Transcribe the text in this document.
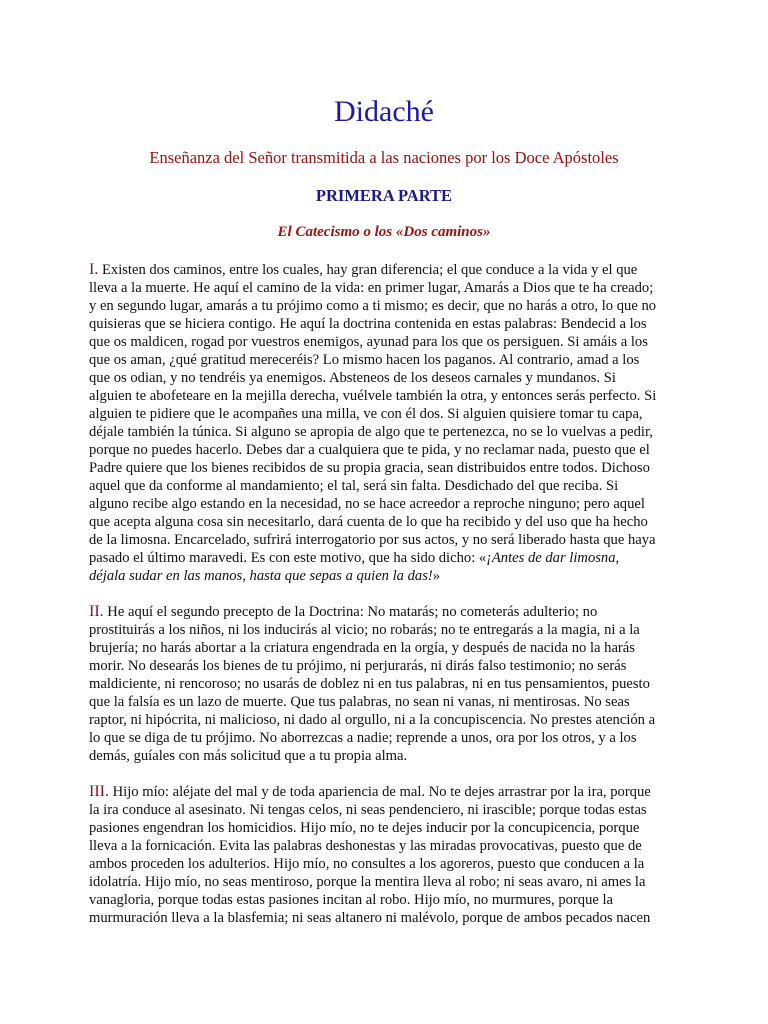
Didaché
Enseñanza del Señor transmitida a las naciones por los Doce Apóstoles
PRIMERA PARTE
El Catecismo o los «Dos caminos»
I. Existen dos caminos, entre los cuales, hay gran diferencia; el que conduce a la vida y el que
lleva a la muerte. He aquí el camino de la vida: en primer lugar, Amarás a Dios que te ha creado;
y en segundo lugar, amarás a tu prójimo como a ti mismo; es decir, que no harás a otro, lo que no
quisieras que se hiciera contigo. He aquí la doctrina contenida en estas palabras: Bendecid a los
que os maldicen, rogad por vuestros enemigos, ayunad para los que os persiguen. Si amáis a los
que os aman, ¿qué gratitud mereceréis? Lo mismo hacen los paganos. Al contrario, amad a los
que os odian, y no tendréis ya enemigos. Absteneos de los deseos carnales y mundanos. Si
alguien te abofeteare en la mejilla derecha, vuélvele también la otra, y entonces serás perfecto. Si
alguien te pidiere que le acompañes una milla, ve con él dos. Si alguien quisiere tomar tu capa,
déjale también la túnica. Si alguno se apropia de algo que te pertenezca, no se lo vuelvas a pedir,
porque no puedes hacerlo. Debes dar a cualquiera que te pida, y no reclamar nada, puesto que el
Padre quiere que los bienes recibidos de su propia gracia, sean distribuidos entre todos. Dichoso
aquel que da conforme al mandamiento; el tal, será sin falta. Desdichado del que reciba. Si
alguno recibe algo estando en la necesidad, no se hace acreedor a reproche ninguno; pero aquel
que acepta alguna cosa sin necesitarlo, dará cuenta de lo que ha recibido y del uso que ha hecho
de la limosna. Encarcelado, sufrirá interrogatorio por sus actos, y no será liberado hasta que haya
pasado el último maravedi. Es con este motivo, que ha sido dicho: «¡Antes de dar limosna,
déjala sudar en las manos, hasta que sepas a quien la das!»
II. He aquí el segundo precepto de la Doctrina: No matarás; no cometerás adulterio; no
prostituirás a los niños, ni los inducirás al vicio; no robarás; no te entregarás a la magia, ni a la
brujería; no harás abortar a la criatura engendrada en la orgía, y después de nacida no la harás
morir. No desearás los bienes de tu prójimo, ni perjurarás, ni dirás falso testimonio; no serás
maldiciente, ni rencoroso; no usarás de doblez ni en tus palabras, ni en tus pensamientos, puesto
que la falsía es un lazo de muerte. Que tus palabras, no sean ni vanas, ni mentirosas. No seas
raptor, ni hipócrita, ni malicioso, ni dado al orgullo, ni a la concupiscencia. No prestes atención a
lo que se diga de tu prójimo. No aborrezcas a nadie; reprende a unos, ora por los otros, y a los
demás, guíales con más solicitud que a tu propia alma.
III. Hijo mío: aléjate del mal y de toda apariencia de mal. No te dejes arrastrar por la ira, porque
la ira conduce al asesinato. Ni tengas celos, ni seas pendenciero, ni irascible; porque todas estas
pasiones engendran los homicidios. Hijo mío, no te dejes inducir por la concupicencia, porque
lleva a la fornicación. Evita las palabras deshonestas y las miradas provocativas, puesto que de
ambos proceden los adulterios. Hijo mío, no consultes a los agoreros, puesto que conducen a la
idolatría. Hijo mío, no seas mentiroso, porque la mentira lleva al robo; ni seas avaro, ni ames la
vanagloria, porque todas estas pasiones incitan al robo. Hijo mío, no murmures, porque la
murmuración lleva a la blasfemia; ni seas altanero ni malévolo, porque de ambos pecados nacen
